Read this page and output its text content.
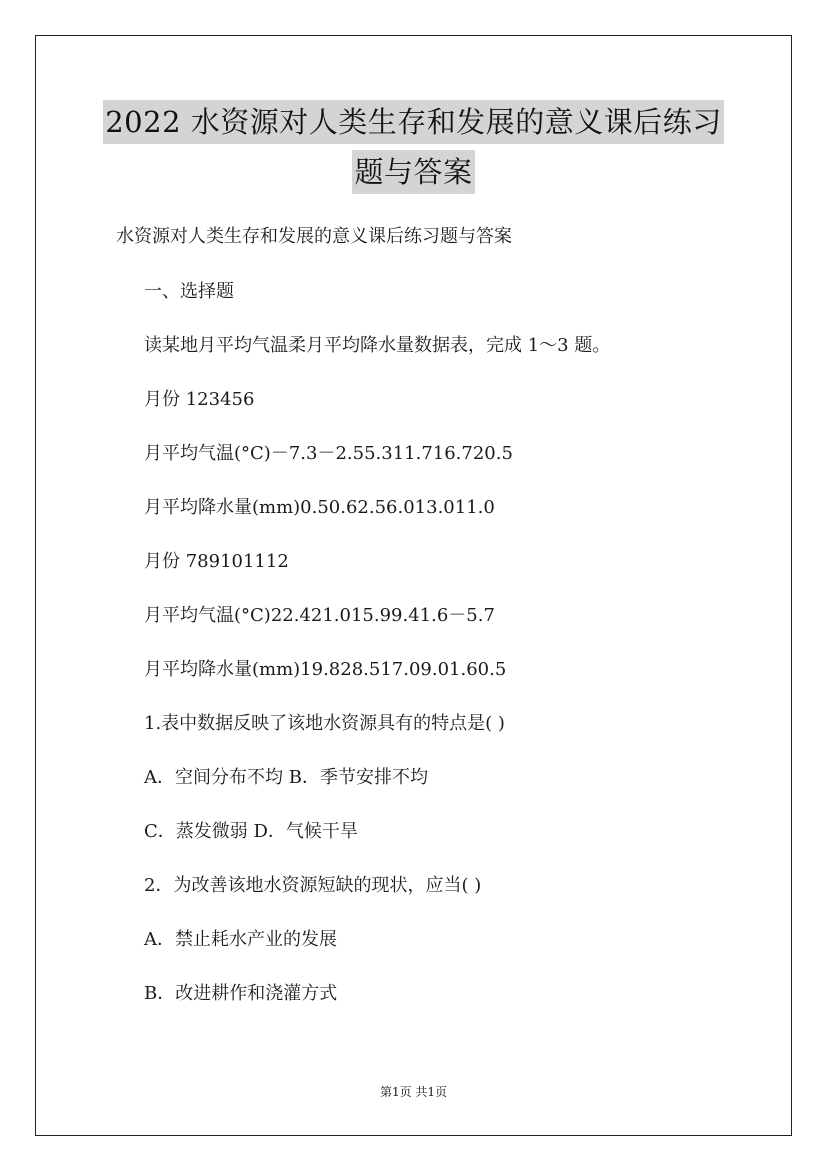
2022 水资源对人类生存和发展的意义课后练习
题与答案
水资源对人类生存和发展的意义课后练习题与答案
一、选择题
读某地月平均气温柔月平均降水量数据表，完成 1～3 题。
月份 123456
月平均气温(°C)－7.3－2.55.311.716.720.5
月平均降水量(mm)0.50.62.56.013.011.0
月份 789101112
月平均气温(°C)22.421.015.99.41.6－5.7
月平均降水量(mm)19.828.517.09.01.60.5
1.表中数据反映了该地水资源具有的特点是( )
A．空间分布不均 B．季节安排不均
C．蒸发微弱 D．气候干旱
2．为改善该地水资源短缺的现状，应当( )
A．禁止耗水产业的发展
B．改进耕作和浇灌方式
第1页 共1页
